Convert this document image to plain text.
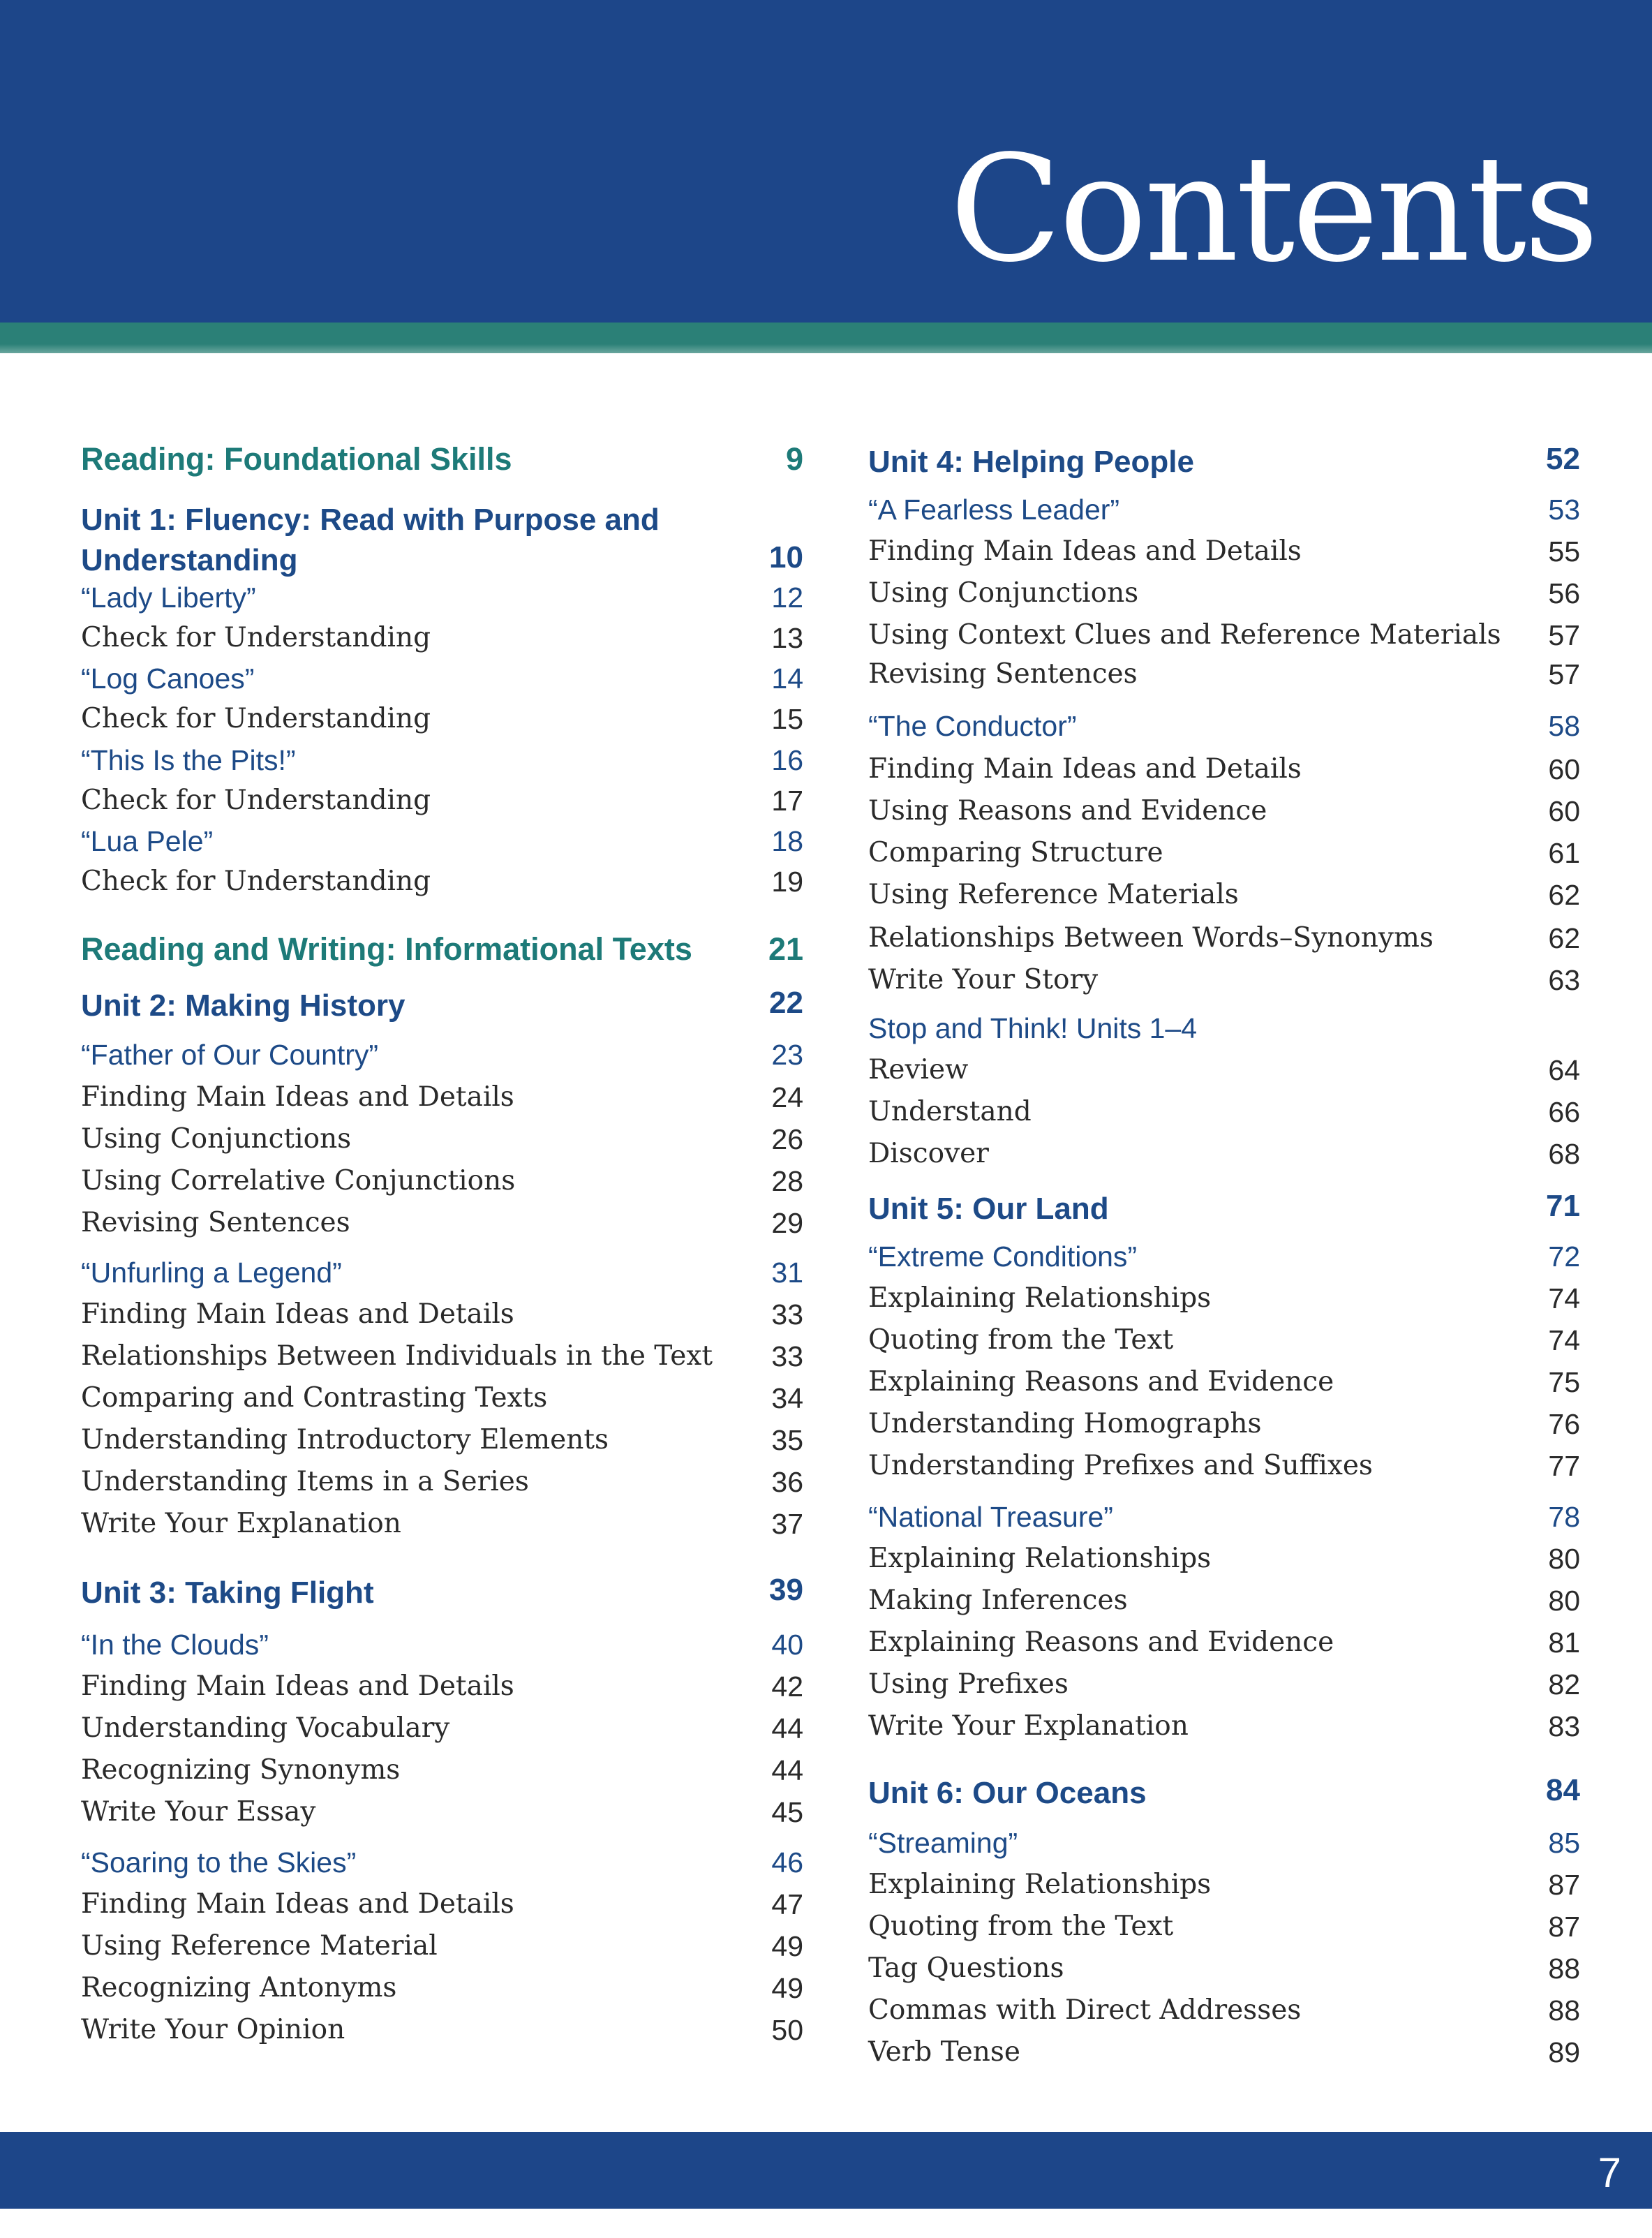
Contents
Reading: Foundational Skills	9
Unit 1: Fluency: Read with Purpose and Understanding	10
“Lady Liberty”	12
Check for Understanding	13
“Log Canoes”	14
Check for Understanding	15
“This Is the Pits!”	16
Check for Understanding	17
“Lua Pele”	18
Check for Understanding	19
Reading and Writing: Informational Texts 21
Unit 2: Making History	22
“Father of Our Country”	23
Finding Main Ideas and Details	24
Using Conjunctions	26
Using Correlative Conjunctions	28
Revising Sentences	29
“Unfurling a Legend”	31
Finding Main Ideas and Details	33
Relationships Between Individuals in the Text 33
Comparing and Contrasting Texts	34
Understanding Introductory Elements	35
Understanding Items in a Series	36
Write Your Explanation	37
Unit 3: Taking Flight	39
“In the Clouds”	40
Finding Main Ideas and Details	42
Understanding Vocabulary	44
Recognizing Synonyms	44
Write Your Essay	45
“Soaring to the Skies”	46
Finding Main Ideas and Details	47
Using Reference Material	49
Recognizing Antonyms	49
Write Your Opinion	50
Unit 4: Helping People	52
“A Fearless Leader”	53
Finding Main Ideas and Details	55
Using Conjunctions	56
Using Context Clues and Reference Materials 57
Revising Sentences	57
“The Conductor”	58
Finding Main Ideas and Details	60
Using Reasons and Evidence	60
Comparing Structure	61
Using Reference Materials	62
Relationships Between Words–Synonyms	62
Write Your Story	63
Stop and Think! Units 1–4
Review	64
Understand	66
Discover	68
Unit 5: Our Land	71
“Extreme Conditions”	72
Explaining Relationships	74
Quoting from the Text	74
Explaining Reasons and Evidence	75
Understanding Homographs	76
Understanding Prefixes and Suffixes	77
“National Treasure”	78
Explaining Relationships	80
Making Inferences	80
Explaining Reasons and Evidence	81
Using Prefixes	82
Write Your Explanation	83
Unit 6: Our Oceans	84
“Streaming”	85
Explaining Relationships	87
Quoting from the Text	87
Tag Questions	88
Commas with Direct Addresses	88
Verb Tense	89
7
